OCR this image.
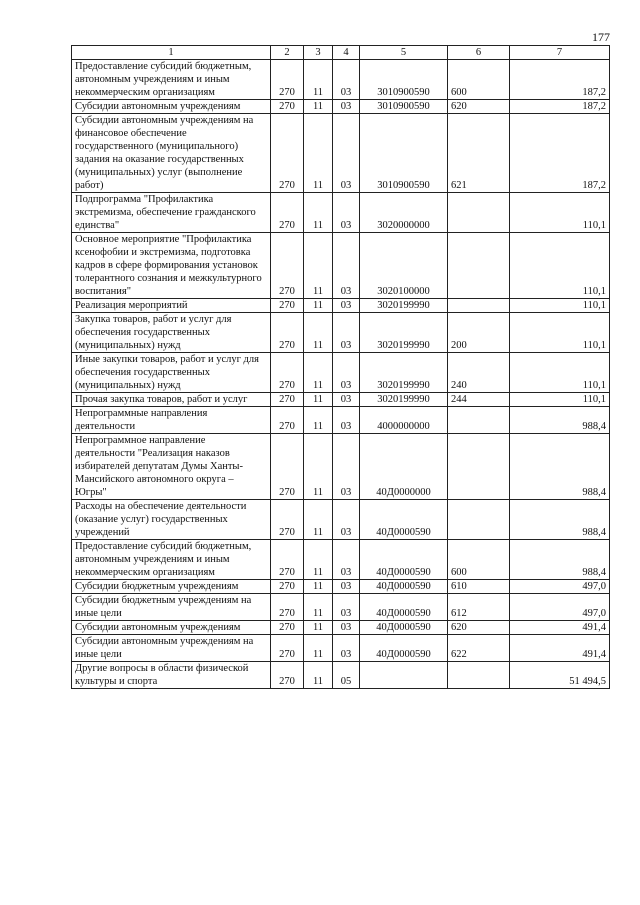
177
1	2	3	4	5	6	7
Предоставление субсидий бюджетным, автономным учреждениям и иным некоммерческим организациям	270	11	03	3010900590	600	187,2
Субсидии автономным учреждениям	270	11	03	3010900590	620	187,2
Субсидии автономным учреждениям на финансовое обеспечение государственного (муниципального) задания на оказание государственных (муниципальных) услуг (выполнение работ)	270	11	03	3010900590	621	187,2
Подпрограмма "Профилактика экстремизма, обеспечение гражданского единства"	270	11	03	3020000000		110,1
Основное мероприятие "Профилактика ксенофобии и экстремизма, подготовка кадров в сфере формирования установок толерантного сознания и межкультурного воспитания"	270	11	03	3020100000		110,1
Реализация мероприятий	270	11	03	3020199990		110,1
Закупка товаров, работ и услуг для обеспечения государственных (муниципальных) нужд	270	11	03	3020199990	200	110,1
Иные закупки товаров, работ и услуг для обеспечения государственных (муниципальных) нужд	270	11	03	3020199990	240	110,1
Прочая закупка товаров, работ и услуг	270	11	03	3020199990	244	110,1
Непрограммные направления деятельности	270	11	03	4000000000		988,4
Непрограммное направление деятельности "Реализация наказов избирателей депутатам Думы Ханты-Мансийского автономного округа – Югры"	270	11	03	40Д0000000		988,4
Расходы на обеспечение деятельности (оказание услуг) государственных учреждений	270	11	03	40Д0000590		988,4
Предоставление субсидий бюджетным, автономным учреждениям и иным некоммерческим организациям	270	11	03	40Д0000590	600	988,4
Субсидии бюджетным учреждениям	270	11	03	40Д0000590	610	497,0
Субсидии бюджетным учреждениям на иные цели	270	11	03	40Д0000590	612	497,0
Субсидии автономным учреждениям	270	11	03	40Д0000590	620	491,4
Субсидии автономным учреждениям на иные цели	270	11	03	40Д0000590	622	491,4
Другие вопросы в области физической культуры и спорта	270	11	05			51 494,5
